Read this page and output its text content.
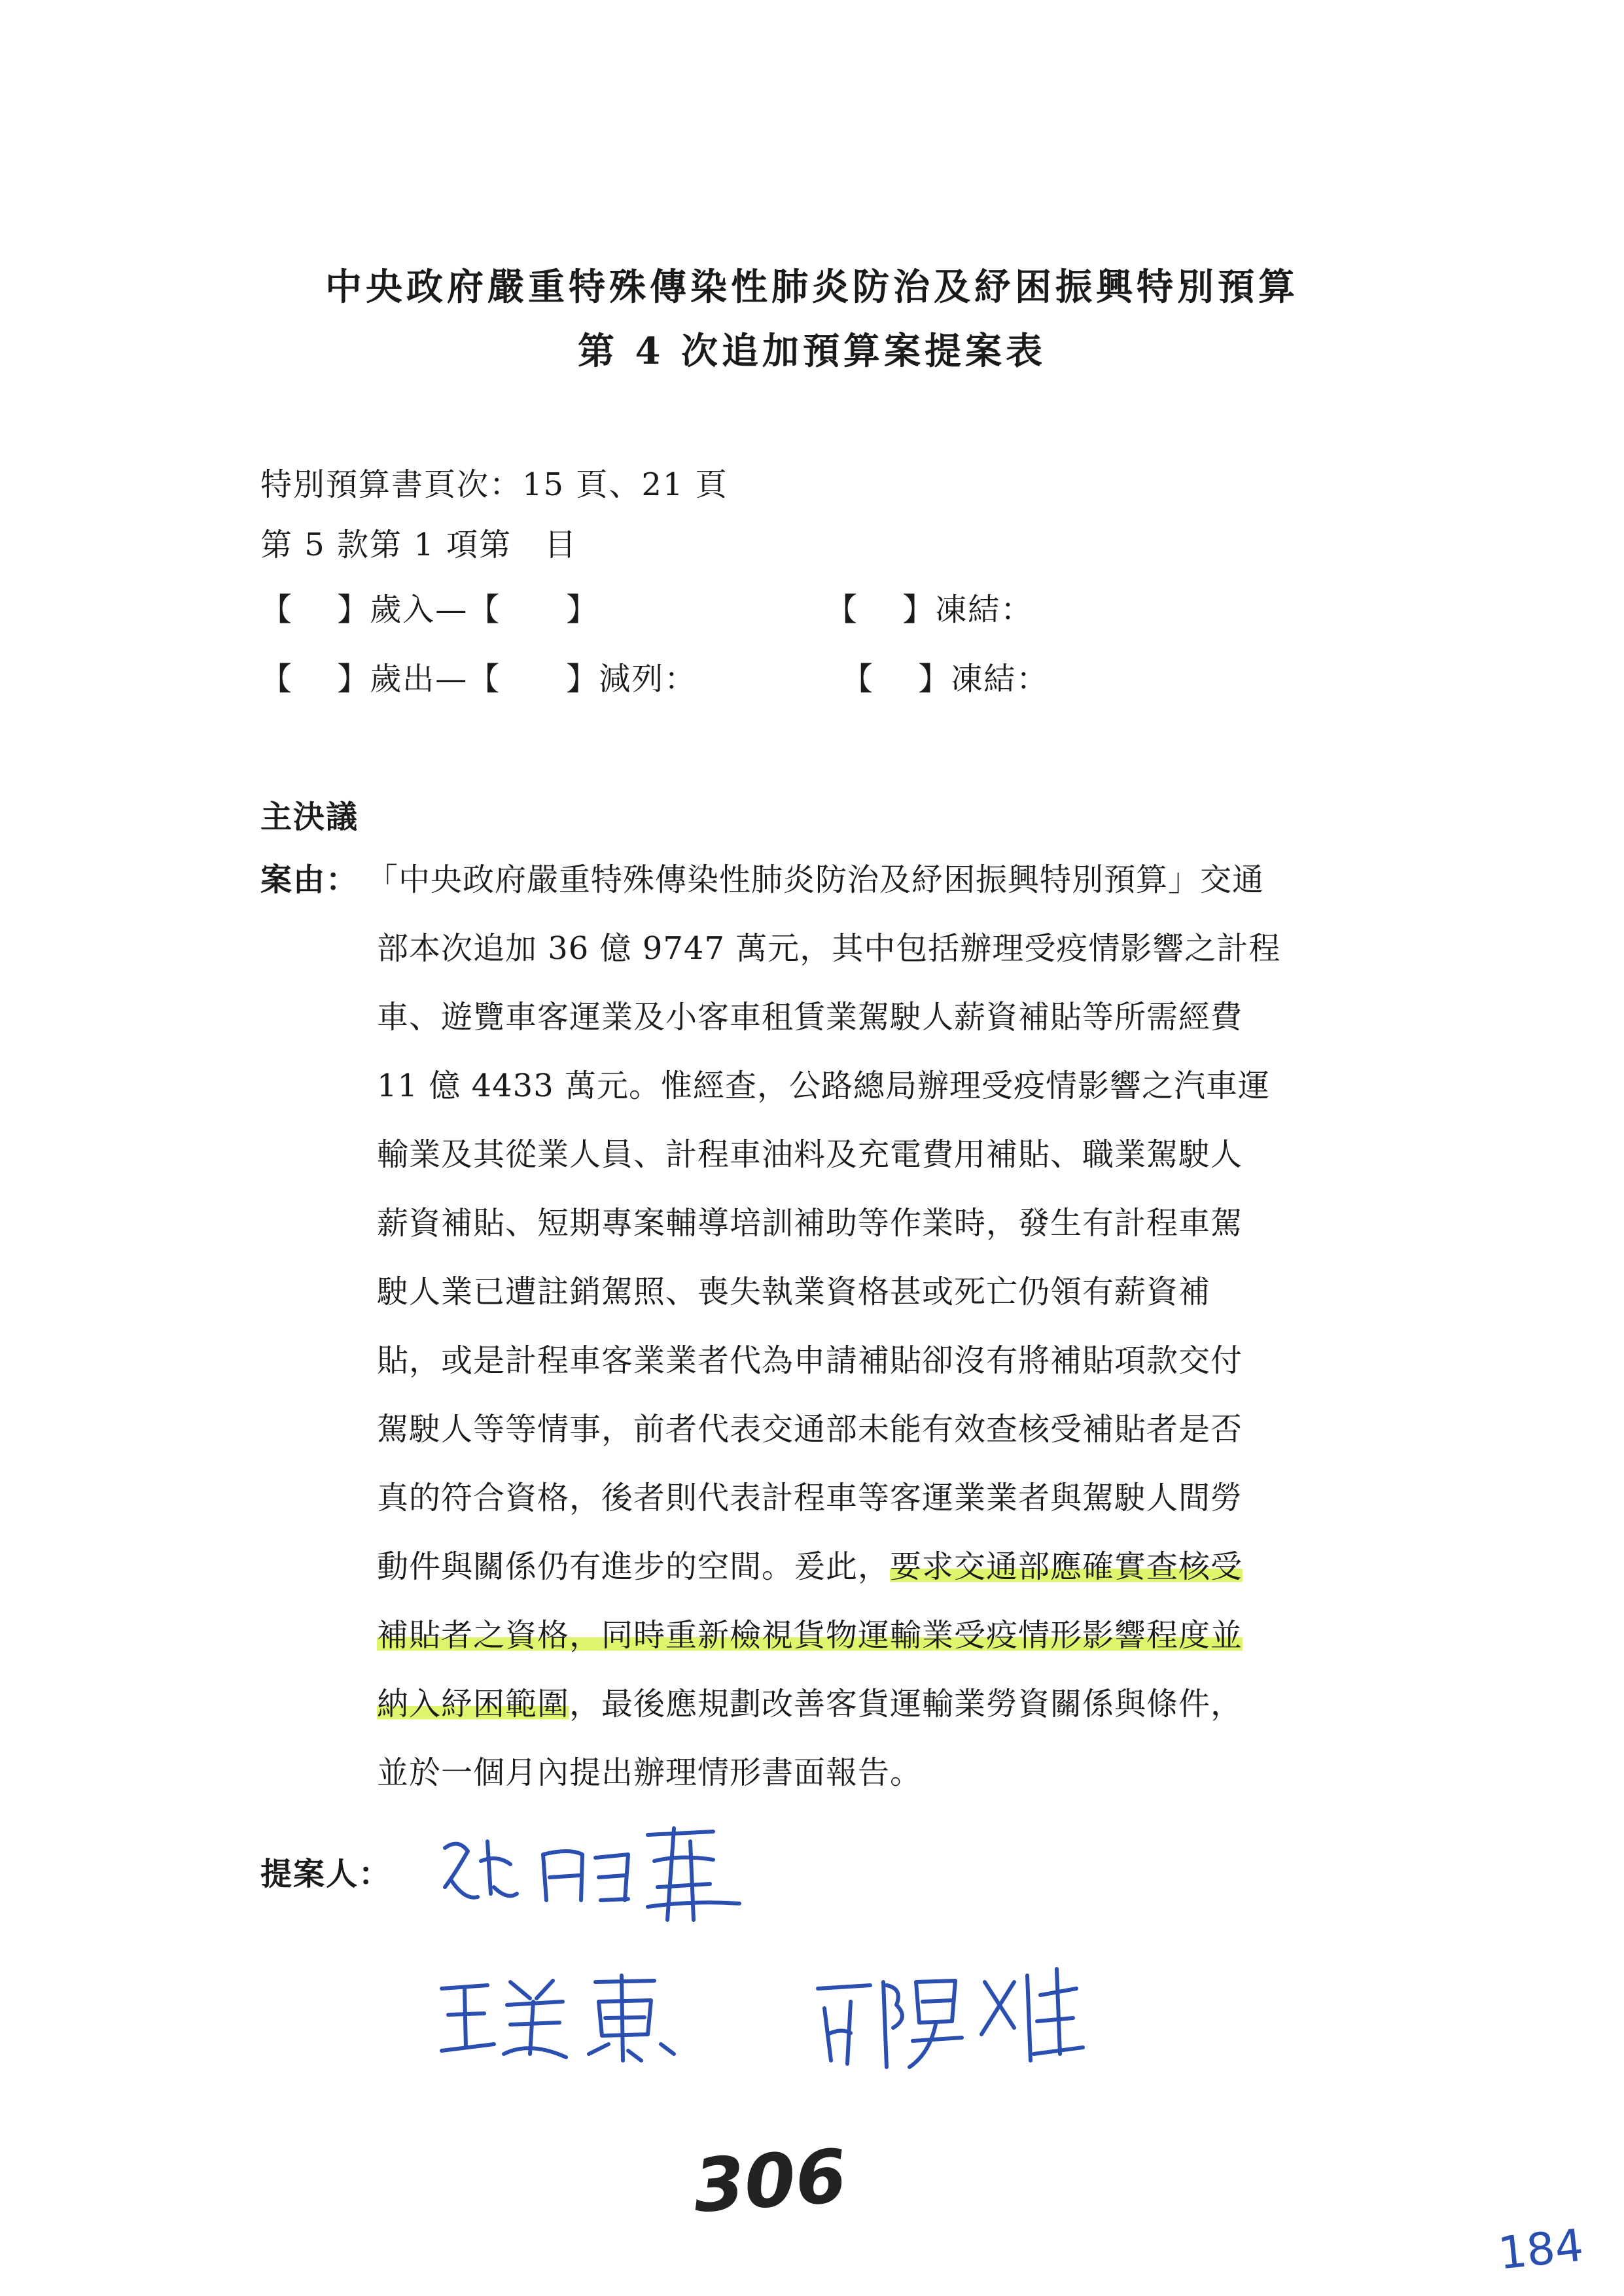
中央政府嚴重特殊傳染性肺炎防治及紓困振興特別預算
第 4 次追加預算案提案表
特別預算書頁次：15 頁、21 頁
第 5 款第 1 項第　目
【　 】歲入—【　　】	【　 】凍結：
【　 】歲出—【　　】減列：	【　 】凍結：
主決議
案由： 「中央政府嚴重特殊傳染性肺炎防治及紓困振興特別預算」交通
部本次追加 36 億 9747 萬元，其中包括辦理受疫情影響之計程
車、遊覽車客運業及小客車租賃業駕駛人薪資補貼等所需經費
11 億 4433 萬元。惟經查，公路總局辦理受疫情影響之汽車運
輸業及其從業人員、計程車油料及充電費用補貼、職業駕駛人
薪資補貼、短期專案輔導培訓補助等作業時，發生有計程車駕
駛人業已遭註銷駕照、喪失執業資格甚或死亡仍領有薪資補
貼，或是計程車客業業者代為申請補貼卻沒有將補貼項款交付
駕駛人等等情事，前者代表交通部未能有效查核受補貼者是否
真的符合資格，後者則代表計程車等客運業業者與駕駛人間勞
動件與關係仍有進步的空間。爰此，要求交通部應確實查核受
補貼者之資格，同時重新檢視貨物運輸業受疫情形影響程度並
納入紓困範圍，最後應規劃改善客貨運輸業勞資關係與條件，
並於一個月內提出辦理情形書面報告。
提案人：
306
184
